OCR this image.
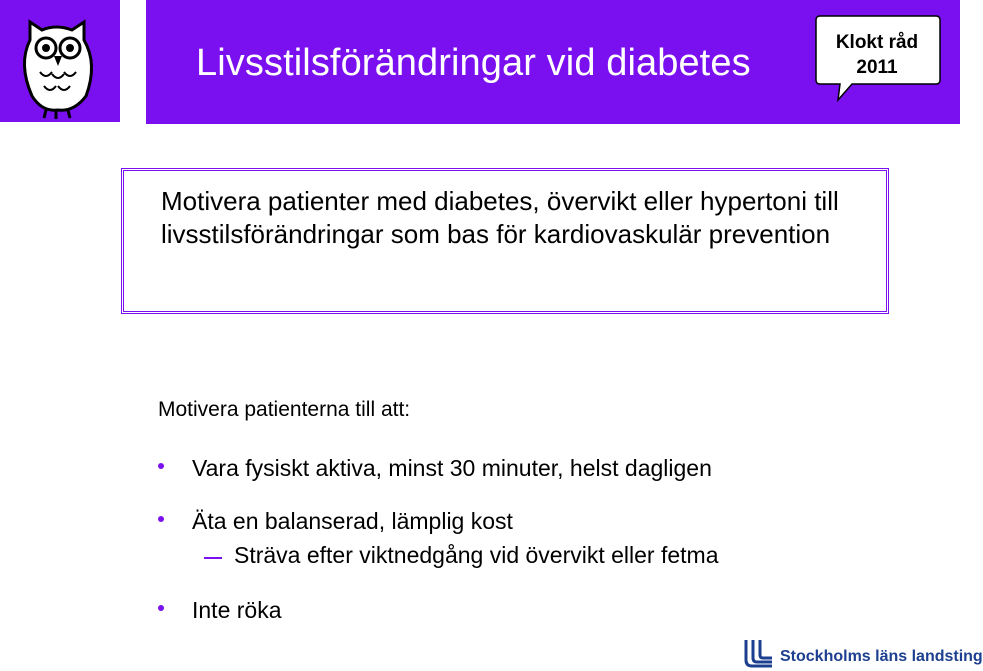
Livsstilsförändringar vid diabetes	Klokt råd
2011
Motivera patienter med diabetes, övervikt eller hypertoni till livsstilsförändringar som bas för kardiovaskulär prevention
Motivera patienterna till att:
Vara fysiskt aktiva, minst 30 minuter, helst dagligen
Äta en balanserad, lämplig kost
Sträva efter viktnedgång vid övervikt eller fetma
Inte röka
Stockholms läns landsting
